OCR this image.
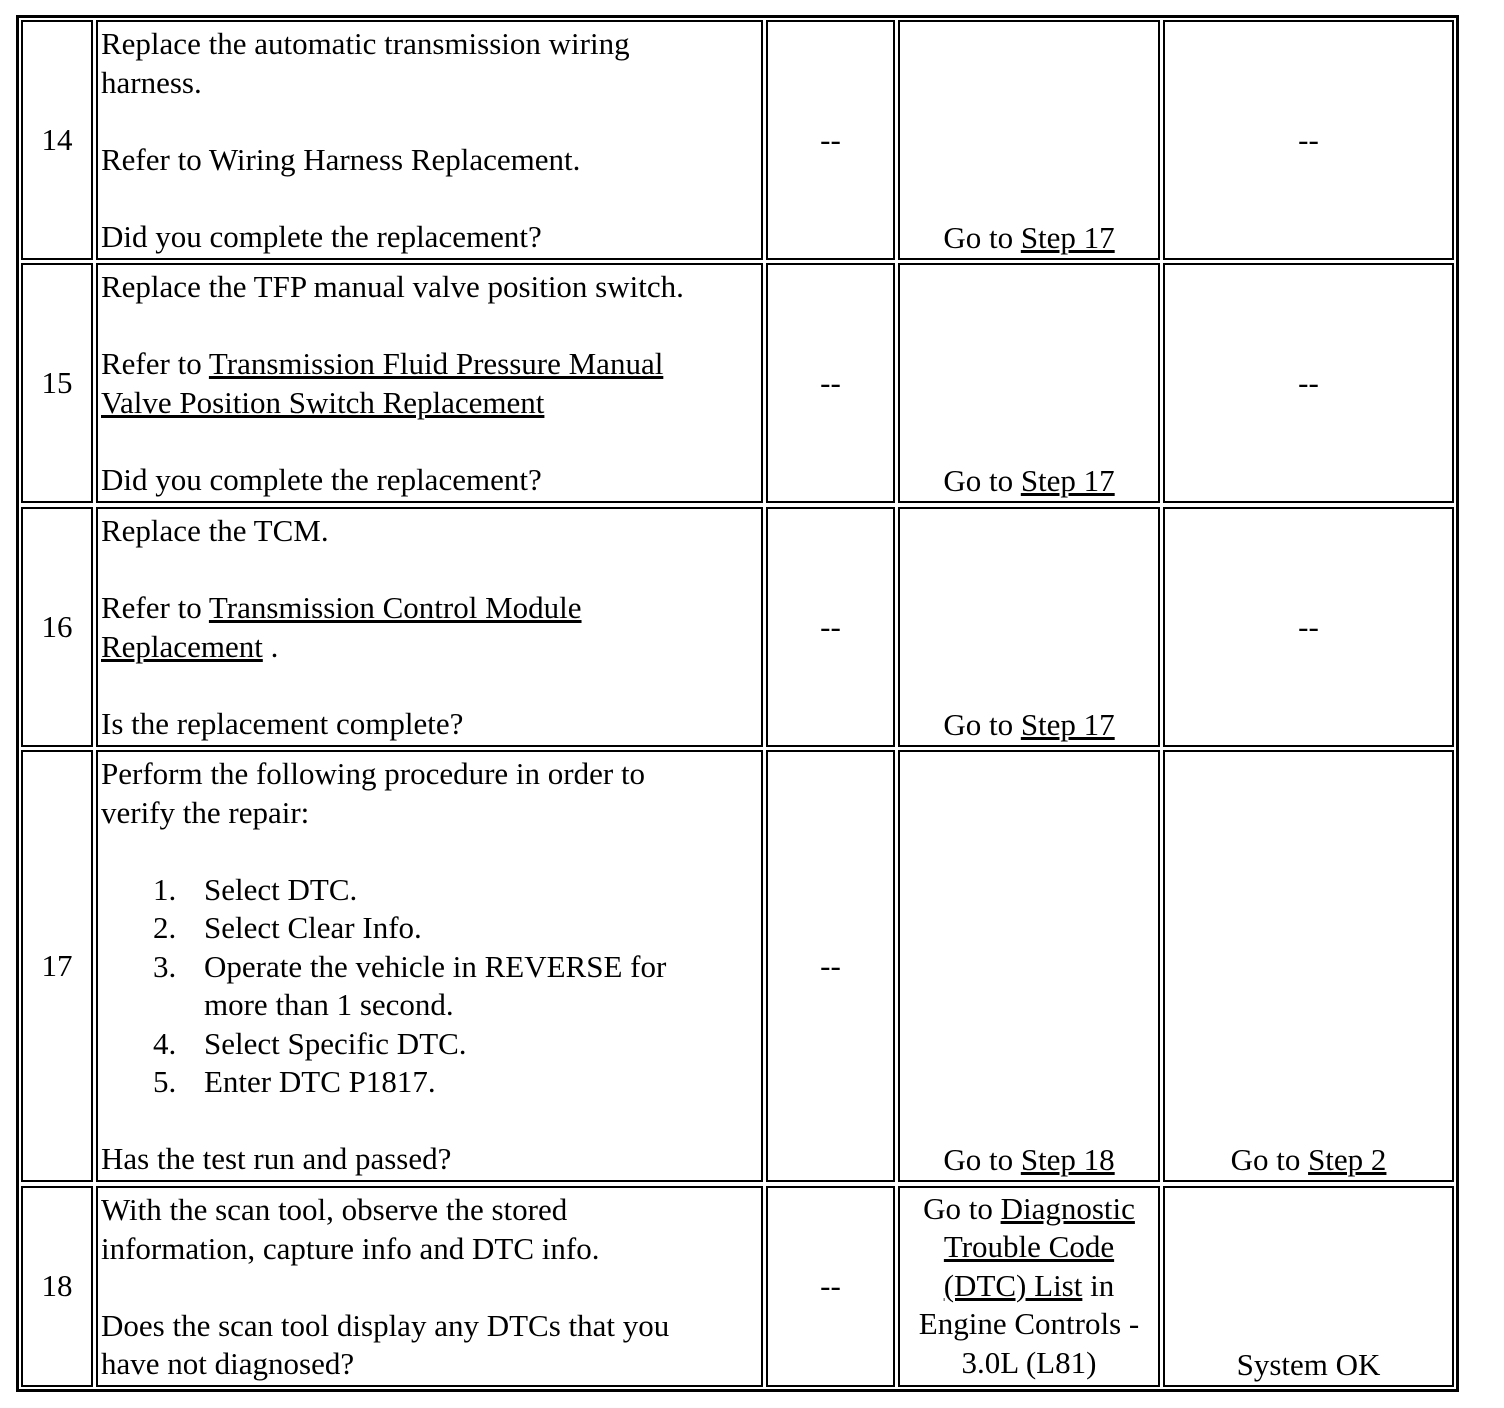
14

Replace the automatic transmission wiring

harness.

Refer to Wiring Harness Replacement.

Did you complete the replacement?

--
Go to Step 17
--
15

Replace the TFP manual valve position switch.

Refer to Transmission Fluid Pressure Manual

Valve Position Switch Replacement

Did you complete the replacement?

--
Go to Step 17
--
16

Replace the TCM.

Refer to Transmission Control Module

Replacement .

Is the replacement complete?

--
Go to Step 17
--
17

Perform the following procedure in order to

verify the repair:

1. Select DTC.
2. Select Clear Info.
3. Operate the vehicle in REVERSE for
more than 1 second.
4. Select Specific DTC.
5. Enter DTC P1817.

Has the test run and passed?

--
Go to Step 18	Go to Step 2
18

With the scan tool, observe the stored

information, capture info and DTC info.

Does the scan tool display any DTCs that you

have not diagnosed?

--
Go to Diagnostic
Trouble Code
(DTC) List in
Engine Controls -
3.0L (L81)	System OK
